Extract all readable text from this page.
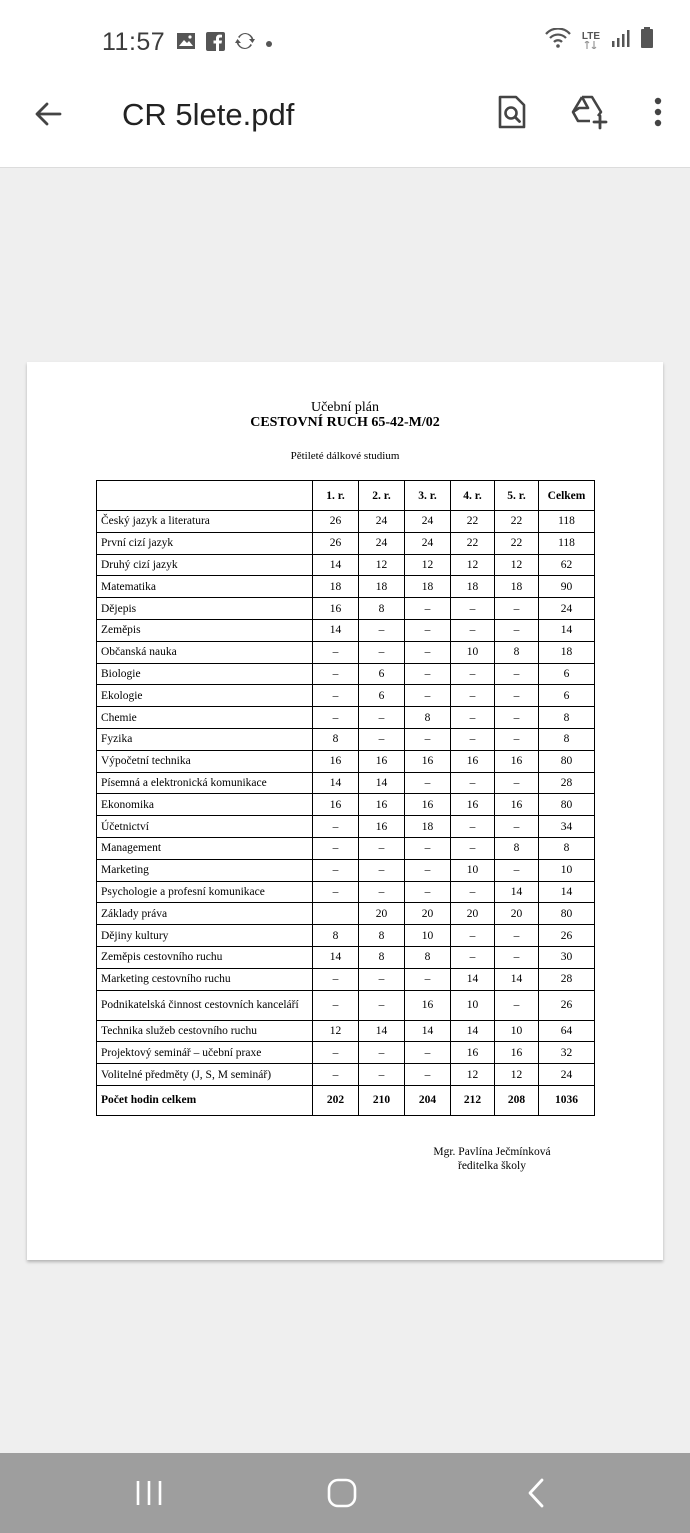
11:57	LTE
CR 5lete.pdf
Učební plán
CESTOVNÍ RUCH 65-42-M/02
Pětileté dálkové studium
	1. r.	2. r.	3. r.	4. r.	5. r.	Celkem
Český jazyk a literatura	26	24	24	22	22	118
První cizí jazyk	26	24	24	22	22	118
Druhý cizí jazyk	14	12	12	12	12	62
Matematika	18	18	18	18	18	90
Dějepis	16	8	–	–	–	24
Zeměpis	14	–	–	–	–	14
Občanská nauka	–	–	–	10	8	18
Biologie	–	6	–	–	–	6
Ekologie	–	6	–	–	–	6
Chemie	–	–	8	–	–	8
Fyzika	8	–	–	–	–	8
Výpočetní technika	16	16	16	16	16	80
Písemná a elektronická komunikace	14	14	–	–	–	28
Ekonomika	16	16	16	16	16	80
Účetnictví	–	16	18	–	–	34
Management	–	–	–	–	8	8
Marketing	–	–	–	10	–	10
Psychologie a profesní komunikace	–	–	–	–	14	14
Základy práva		20	20	20	20	80
Dějiny kultury	8	8	10	–	–	26
Zeměpis cestovního ruchu	14	8	8	–	–	30
Marketing cestovního ruchu	–	–	–	14	14	28
Podnikatelská činnost cestovních kanceláří	–	–	16	10	–	26
Technika služeb cestovního ruchu	12	14	14	14	10	64
Projektový seminář – učební praxe	–	–	–	16	16	32
Volitelné předměty (J, S, M seminář)	–	–	–	12	12	24
Počet hodin celkem	202	210	204	212	208	1036
Mgr. Pavlína Ječmínková
ředitelka školy
